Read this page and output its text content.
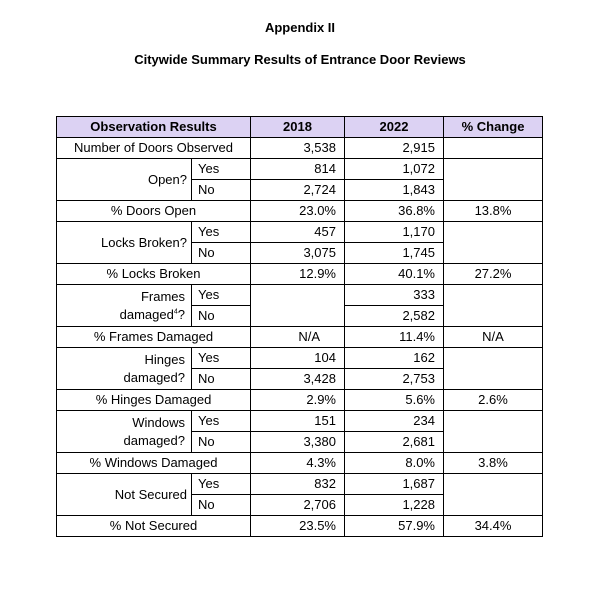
Appendix II
Citywide Summary Results of Entrance Door Reviews
Observation Results		2018	2022	% Change
Number of Doors Observed		3,538	2,915	
Open?	Yes	814	1,072	
	No	2,724	1,843	
% Doors Open		23.0%	36.8%	13.8%
Locks Broken?	Yes	457	1,170	
	No	3,075	1,745	
% Locks Broken		12.9%	40.1%	27.2%
Frames
damaged$^4$?	Yes		333	
	No		2,582	
% Frames Damaged		N/A	11.4%	N/A
Hinges
damaged?	Yes	104	162	
	No	3,428	2,753	
% Hinges Damaged		2.9%	5.6%	2.6%
Windows
damaged?	Yes	151	234	
	No	3,380	2,681	
% Windows Damaged		4.3%	8.0%	3.8%
Not Secured	Yes	832	1,687	
	No	2,706	1,228	
% Not Secured		23.5%	57.9%	34.4%
